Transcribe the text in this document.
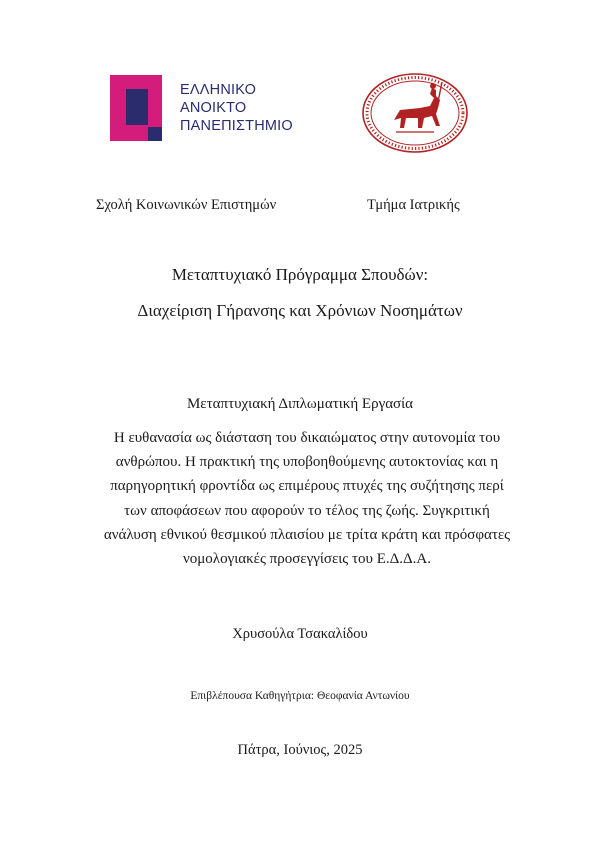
ΕΛΛΗΝΙΚΟ
ΑΝΟΙΚΤΟ
ΠΑΝΕΠΙΣΤΗΜΙΟ
Σχολή Κοινωνικών Επιστημών	Τμήμα Ιατρικής
Μεταπτυχιακό Πρόγραμμα Σπουδών:
Διαχείριση Γήρανσης και Χρόνιων Νοσημάτων
Μεταπτυχιακή Διπλωματική Εργασία
Η ευθανασία ως διάσταση του δικαιώματος στην αυτονομία του
ανθρώπου. Η πρακτική της υποβοηθούμενης αυτοκτονίας και η
παρηγορητική φροντίδα ως επιμέρους πτυχές της συζήτησης περί
των αποφάσεων που αφορούν το τέλος της ζωής. Συγκριτική
ανάλυση εθνικού θεσμικού πλαισίου με τρίτα κράτη και πρόσφατες
νομολογιακές προσεγγίσεις του Ε.Δ.Δ.Α.
Χρυσούλα Τσακαλίδου
Επιβλέπουσα Καθηγήτρια: Θεοφανία Αντωνίου
Πάτρα, Ιούνιος, 2025
